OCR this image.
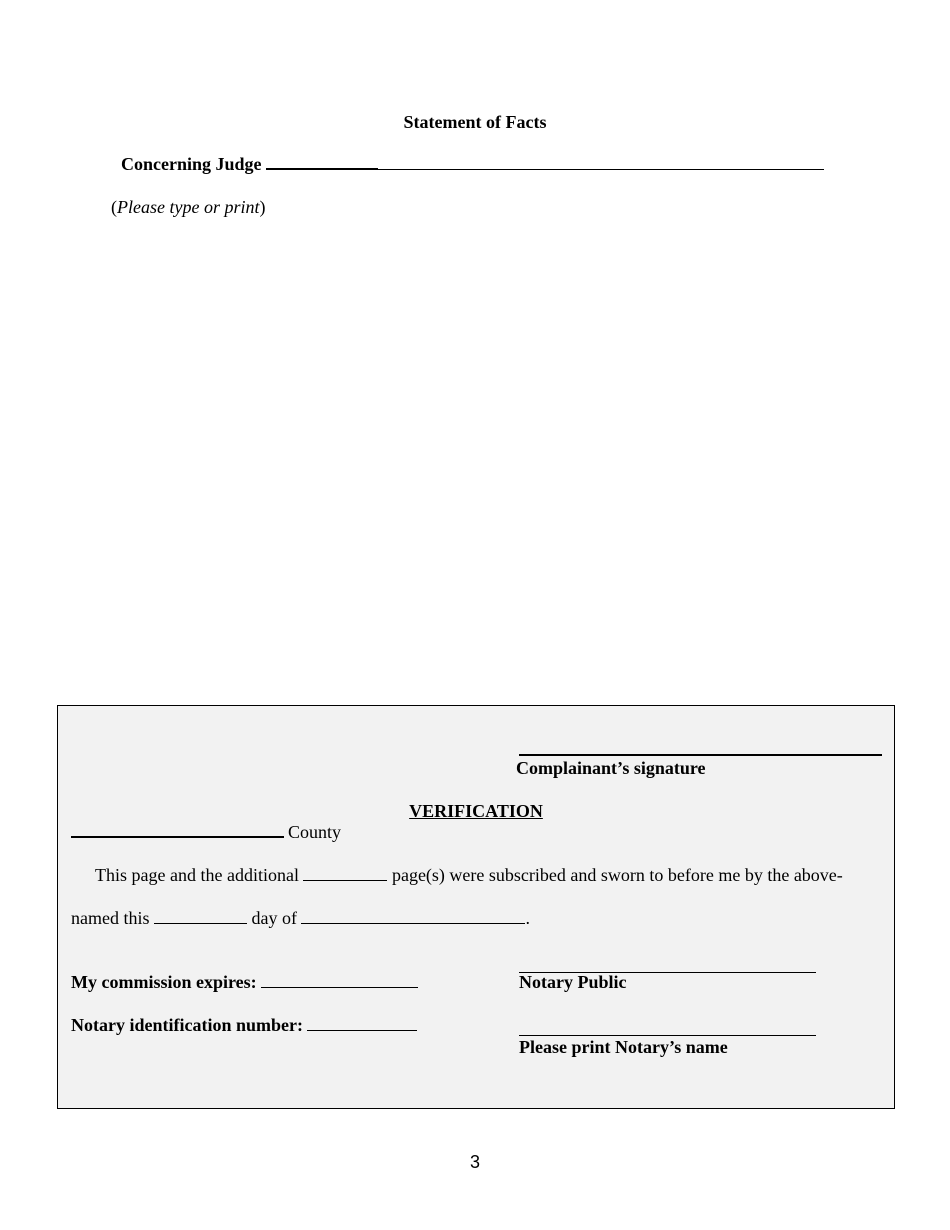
Statement of Facts
Concerning Judge
(Please type or print)
Complainant’s signature
VERIFICATION
County
This page and the additional	page(s) were subscribed and sworn to before me by the above-
named this	day of	.
My commission expires:
Notary identification number:
Notary Public
Please print Notary’s name
3
